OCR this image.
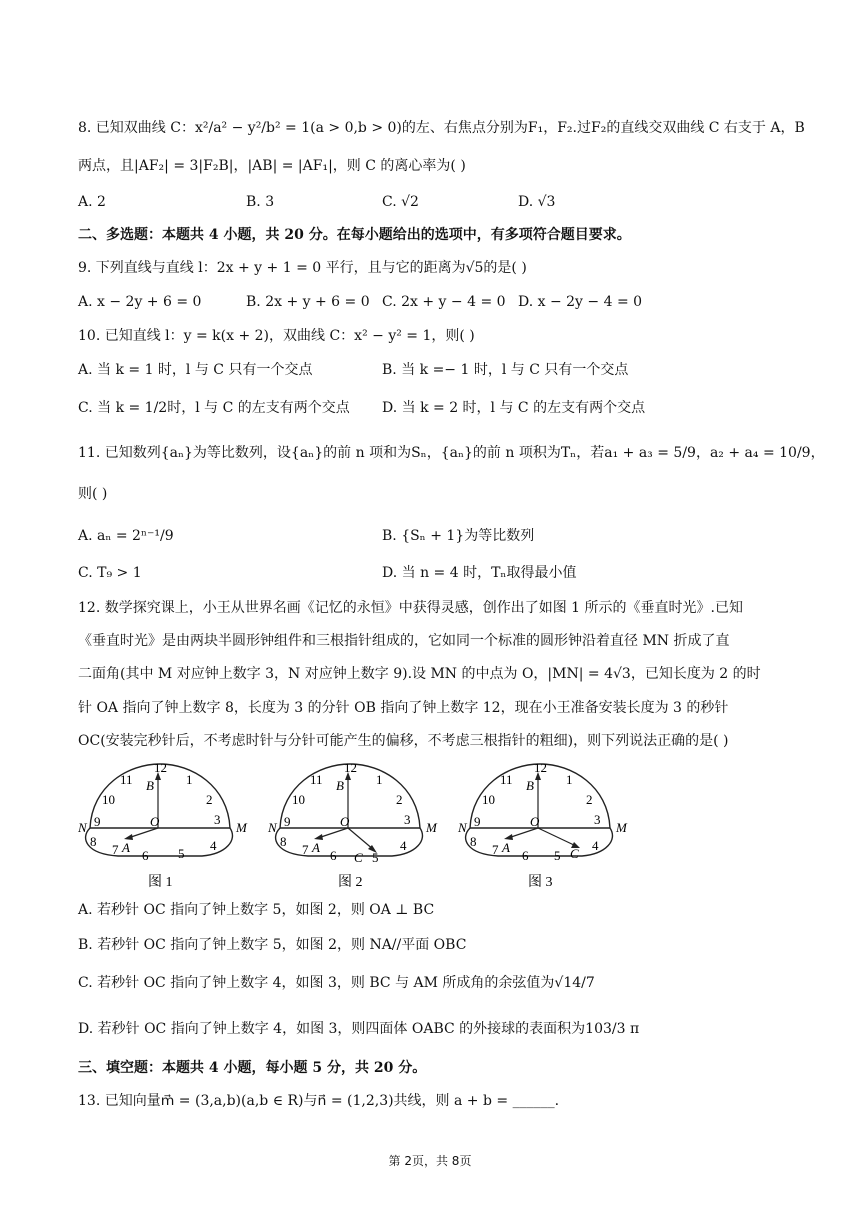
8. 已知双曲线 C：x²/a² − y²/b² = 1(a > 0,b > 0)的左、右焦点分别为F₁，F₂.过F₂的直线交双曲线 C 右支于 A，B
两点，且|AF₂| = 3|F₂B|，|AB| = |AF₁|，则 C 的离心率为( )
A. 2	B. 3	C. √2	D. √3
二、多选题：本题共 4 小题，共 20 分。在每小题给出的选项中，有多项符合题目要求。
9. 下列直线与直线 l：2x + y + 1 = 0 平行，且与它的距离为√5的是( )
A. x − 2y + 6 = 0	B. 2x + y + 6 = 0 C. 2x + y − 4 = 0 D. x − 2y − 4 = 0
10. 已知直线 l：y = k(x + 2)，双曲线 C：x² − y² = 1，则( )
A. 当 k = 1 时，l 与 C 只有一个交点	B. 当 k =− 1 时，l 与 C 只有一个交点
C. 当 k = 1/2时，l 与 C 的左支有两个交点 D. 当 k = 2 时，l 与 C 的左支有两个交点
11. 已知数列{aₙ}为等比数列，设{aₙ}的前 n 项和为Sₙ，{aₙ}的前 n 项积为Tₙ，若a₁ + a₃ = 5/9，a₂ + a₄ = 10/9，
则( )
A. aₙ = 2ⁿ⁻¹/9	B. {Sₙ + 1}为等比数列
C. T₉ > 1	D. 当 n = 4 时，Tₙ取得最小值
12. 数学探究课上，小王从世界名画《记忆的永恒》中获得灵感，创作出了如图 1 所示的《垂直时光》.已知
《垂直时光》是由两块半圆形钟组件和三根指针组成的，它如同一个标准的圆形钟沿着直径 MN 折成了直
二面角(其中 M 对应钟上数字 3，N 对应钟上数字 9).设 MN 的中点为 O，|MN| = 4√3，已知长度为 2 的时
针 OA 指向了钟上数字 8，长度为 3 的分针 OB 指向了钟上数字 12，现在小王准备安装长度为 3 的秒针
OC(安装完秒针后，不考虑时针与分针可能产生的偏移，不考虑三根指针的粗细)，则下列说法正确的是( )
12
1
2
3
9
10
11
8
7 6 5
4
N	M
O
A
B
图 1
12
1
2
3
9
10
11
8
7 6	5
4
N	M
O
A
B
C
图 2
12
1
2
3
9
10
11
8
7 6 5
4
N	M
O
A
B
C
图 3
A. 若秒针 OC 指向了钟上数字 5，如图 2，则 OA ⊥ BC
B. 若秒针 OC 指向了钟上数字 5，如图 2，则 NA//平面 OBC
C. 若秒针 OC 指向了钟上数字 4，如图 3，则 BC 与 AM 所成角的余弦值为√14/7
D. 若秒针 OC 指向了钟上数字 4，如图 3，则四面体 OABC 的外接球的表面积为103/3 π
三、填空题：本题共 4 小题，每小题 5 分，共 20 分。
13. 已知向量m⃗ = (3,a,b)(a,b ∈ R)与n⃗ = (1,2,3)共线，则 a + b = ______.
第 2页，共 8页
